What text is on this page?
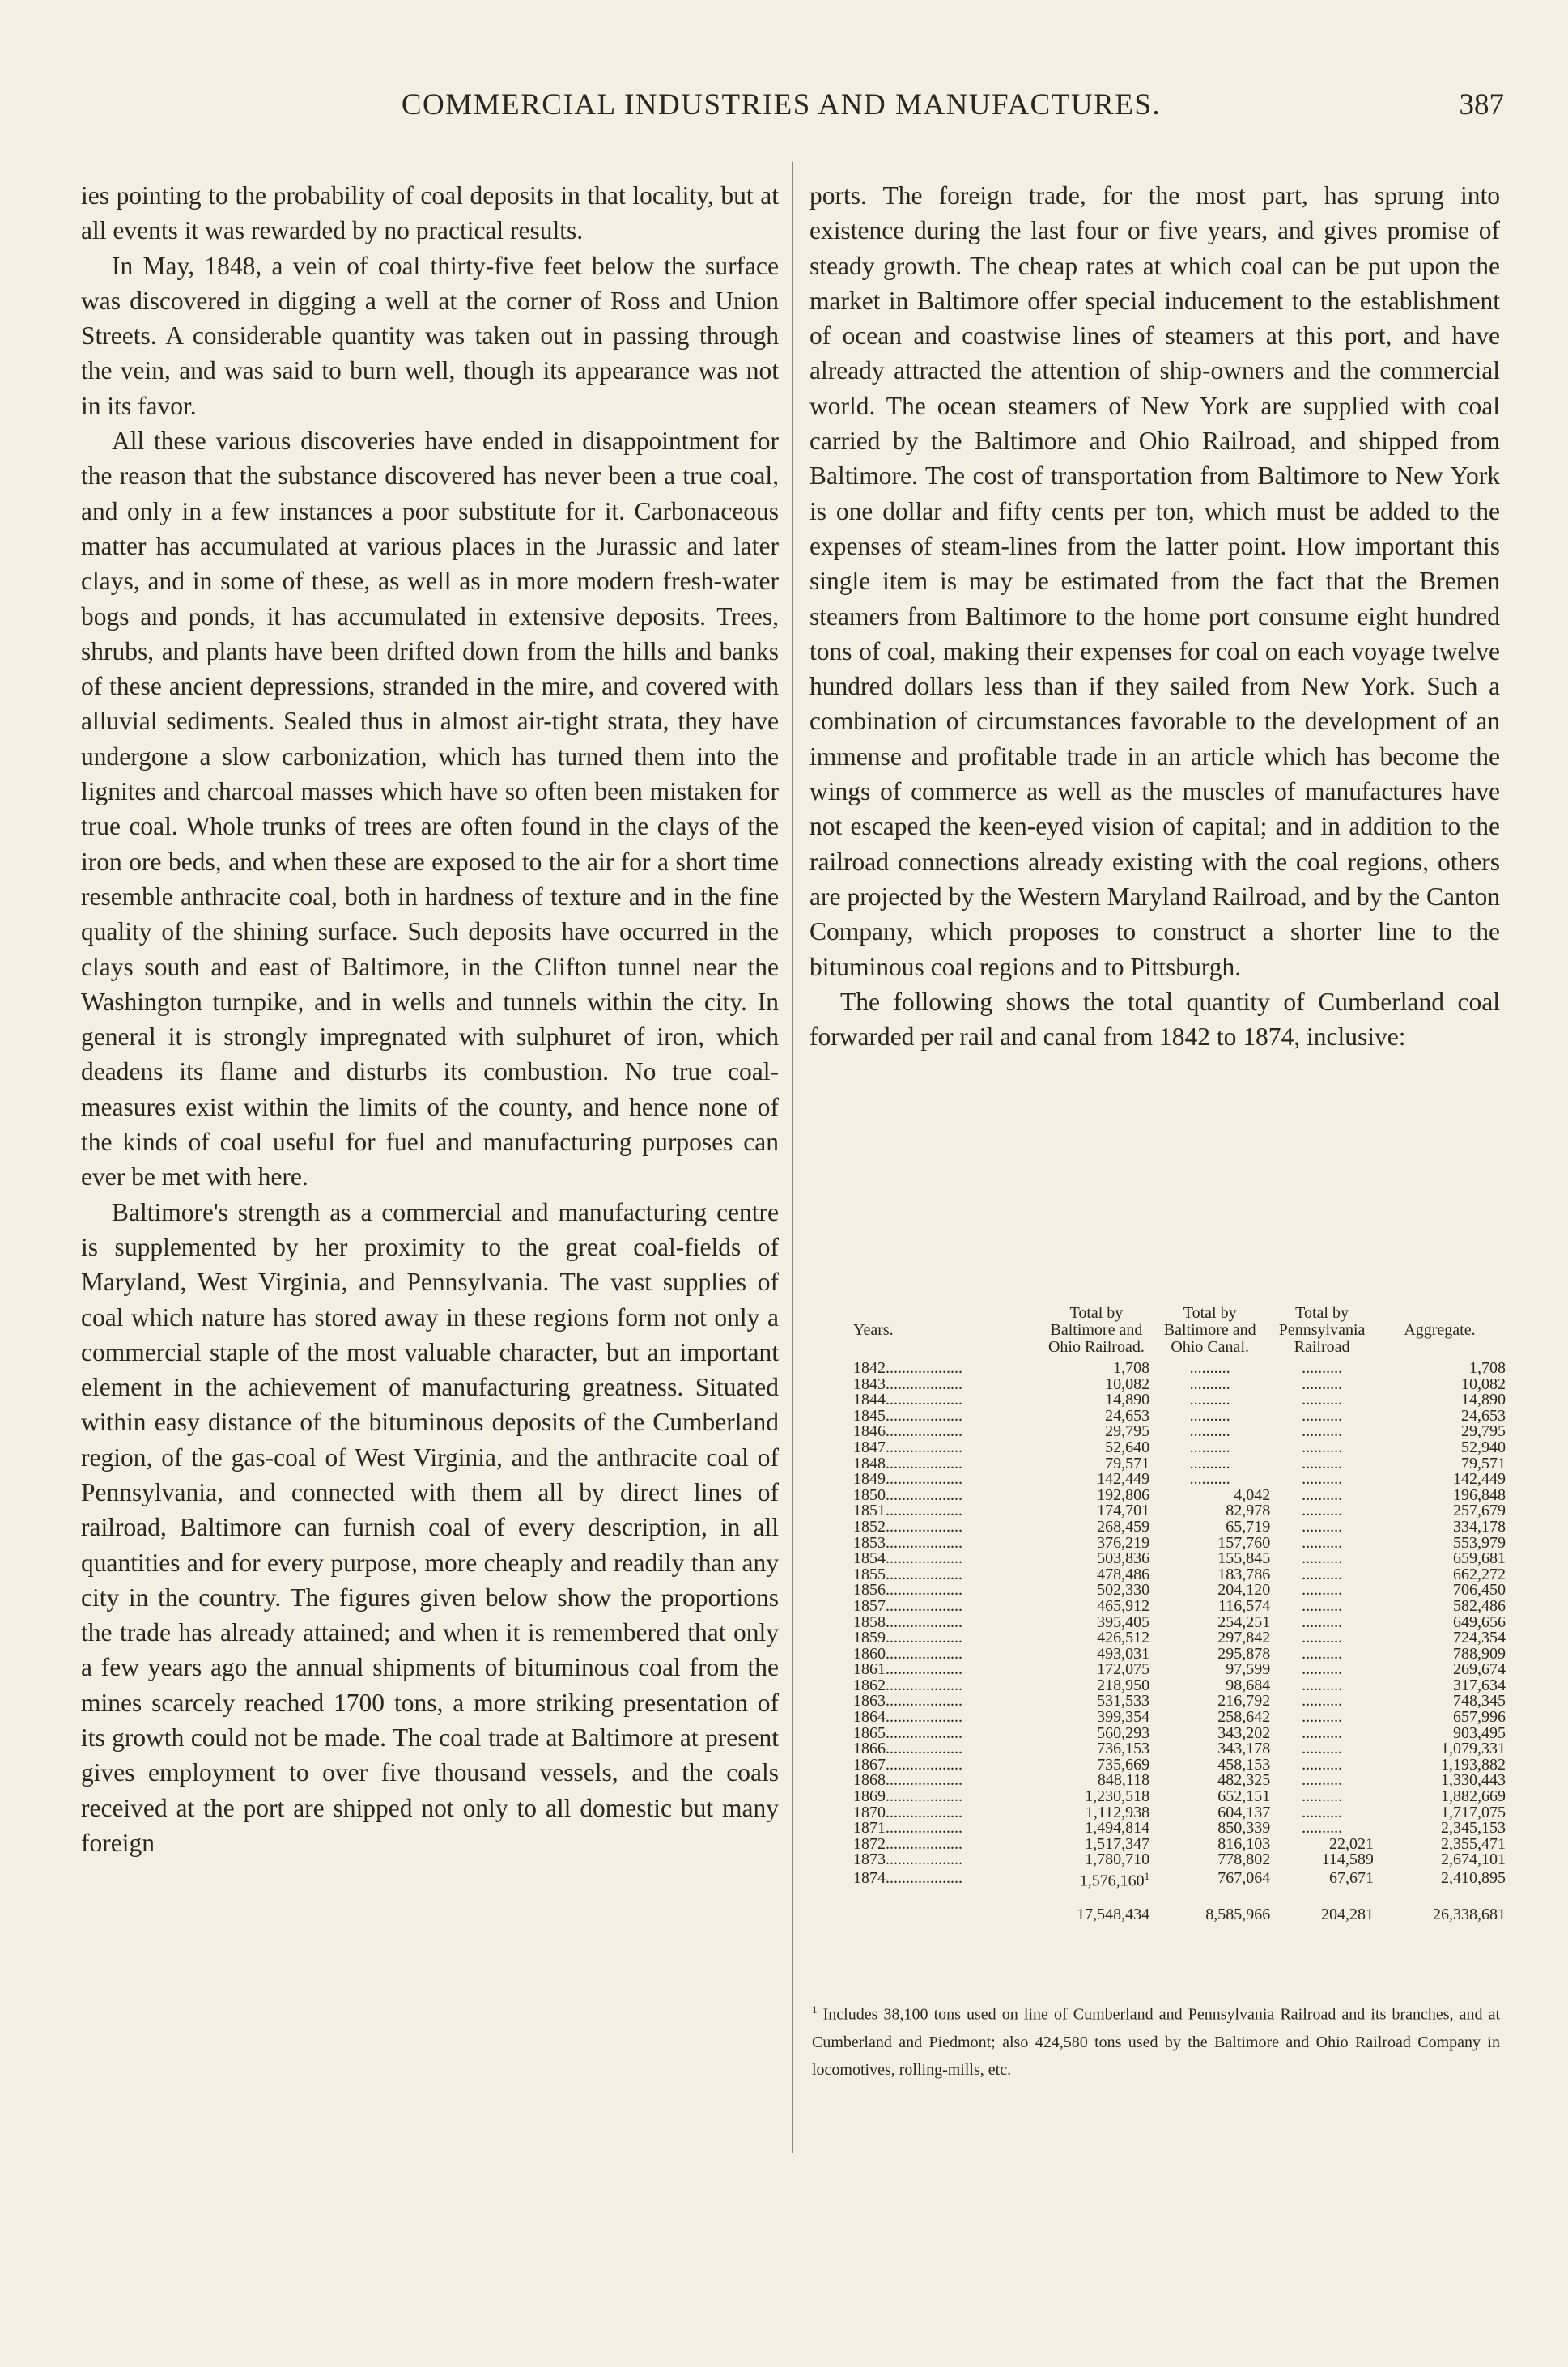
COMMERCIAL INDUSTRIES AND MANUFACTURES.	387

ies pointing to the probability of coal deposits in that locality, but at all events it was rewarded by no practical results.

In May, 1848, a vein of coal thirty-five feet below the surface was discovered in digging a well at the corner of Ross and Union Streets. A considerable quantity was taken out in passing through the vein, and was said to burn well, though its appearance was not in its favor.

All these various discoveries have ended in disappointment for the reason that the substance discovered has never been a true coal, and only in a few instances a poor substitute for it. Carbonaceous matter has accumulated at various places in the Jurassic and later clays, and in some of these, as well as in more modern fresh-water bogs and ponds, it has accumulated in extensive deposits. Trees, shrubs, and plants have been drifted down from the hills and banks of these ancient depressions, stranded in the mire, and covered with alluvial sediments. Sealed thus in almost air-tight strata, they have undergone a slow carbonization, which has turned them into the lignites and charcoal masses which have so often been mistaken for true coal. Whole trunks of trees are often found in the clays of the iron ore beds, and when these are exposed to the air for a short time resemble anthracite coal, both in hardness of texture and in the fine quality of the shining surface. Such deposits have occurred in the clays south and east of Baltimore, in the Clifton tunnel near the Washington turnpike, and in wells and tunnels within the city. In general it is strongly impregnated with sulphuret of iron, which deadens its flame and disturbs its combustion. No true coal-measures exist within the limits of the county, and hence none of the kinds of coal useful for fuel and manufacturing purposes can ever be met with here.

Baltimore's strength as a commercial and manufacturing centre is supplemented by her proximity to the great coal-fields of Maryland, West Virginia, and Pennsylvania. The vast supplies of coal which nature has stored away in these regions form not only a commercial staple of the most valuable character, but an important element in the achievement of manufacturing greatness. Situated within easy distance of the bituminous deposits of the Cumberland region, of the gas-coal of West Virginia, and the anthracite coal of Pennsylvania, and connected with them all by direct lines of railroad, Baltimore can furnish coal of every description, in all quantities and for every purpose, more cheaply and readily than any city in the country. The figures given below show the proportions the trade has already attained; and when it is remembered that only a few years ago the annual shipments of bituminous coal from the mines scarcely reached 1700 tons, a more striking presentation of its growth could not be made. The coal trade at Baltimore at present gives employment to over five thousand vessels, and the coals received at the port are shipped not only to all domestic but many foreign

ports. The foreign trade, for the most part, has sprung into existence during the last four or five years, and gives promise of steady growth. The cheap rates at which coal can be put upon the market in Baltimore offer special inducement to the establishment of ocean and coastwise lines of steamers at this port, and have already attracted the attention of ship-owners and the commercial world. The ocean steamers of New York are supplied with coal carried by the Baltimore and Ohio Railroad, and shipped from Baltimore. The cost of transportation from Baltimore to New York is one dollar and fifty cents per ton, which must be added to the expenses of steam-lines from the latter point. How important this single item is may be estimated from the fact that the Bremen steamers from Baltimore to the home port consume eight hundred tons of coal, making their expenses for coal on each voyage twelve hundred dollars less than if they sailed from New York. Such a combination of circumstances favorable to the development of an immense and profitable trade in an article which has become the wings of commerce as well as the muscles of manufactures have not escaped the keen-eyed vision of capital; and in addition to the railroad connections already existing with the coal regions, others are projected by the Western Maryland Railroad, and by the Canton Company, which proposes to construct a shorter line to the bituminous coal regions and to Pittsburgh.

The following shows the total quantity of Cumberland coal forwarded per rail and canal from 1842 to 1874, inclusive:

Years.	Total by Baltimore and Ohio Railroad.	Total by Baltimore and Ohio Canal.	Total by Pennsylvania Railroad	Aggregate.
1842...................	1,708	..........	..........	1,708
1843...................	10,082	..........	..........	10,082
1844...................	14,890	..........	..........	14,890
1845...................	24,653	..........	..........	24,653
1846...................	29,795	..........	..........	29,795
1847...................	52,640	..........	..........	52,940
1848...................	79,571	..........	..........	79,571
1849...................	142,449	..........	..........	142,449
1850...................	192,806	4,042	..........	196,848
1851...................	174,701	82,978	..........	257,679
1852...................	268,459	65,719	..........	334,178
1853...................	376,219	157,760	..........	553,979
1854...................	503,836	155,845	..........	659,681
1855...................	478,486	183,786	..........	662,272
1856...................	502,330	204,120	..........	706,450
1857...................	465,912	116,574	..........	582,486
1858...................	395,405	254,251	..........	649,656
1859...................	426,512	297,842	..........	724,354
1860...................	493,031	295,878	..........	788,909
1861...................	172,075	97,599	..........	269,674
1862...................	218,950	98,684	..........	317,634
1863...................	531,533	216,792	..........	748,345
1864...................	399,354	258,642	..........	657,996
1865...................	560,293	343,202	..........	903,495
1866...................	736,153	343,178	..........	1,079,331
1867...................	735,669	458,153	..........	1,193,882
1868...................	848,118	482,325	..........	1,330,443
1869...................	1,230,518	652,151	..........	1,882,669
1870...................	1,112,938	604,137	..........	1,717,075
1871...................	1,494,814	850,339	..........	2,345,153
1872...................	1,517,347	816,103	22,021	2,355,471
1873...................	1,780,710	778,802	114,589	2,674,101
1874...................	1,576,160$^1$	767,064	67,671	2,410,895
	17,548,434	8,585,966	204,281	26,338,681
$^1$ Includes 38,100 tons used on line of Cumberland and Pennsylvania Railroad and its branches, and at Cumberland and Piedmont; also 424,580 tons used by the Baltimore and Ohio Railroad Company in locomotives, rolling-mills, etc.
